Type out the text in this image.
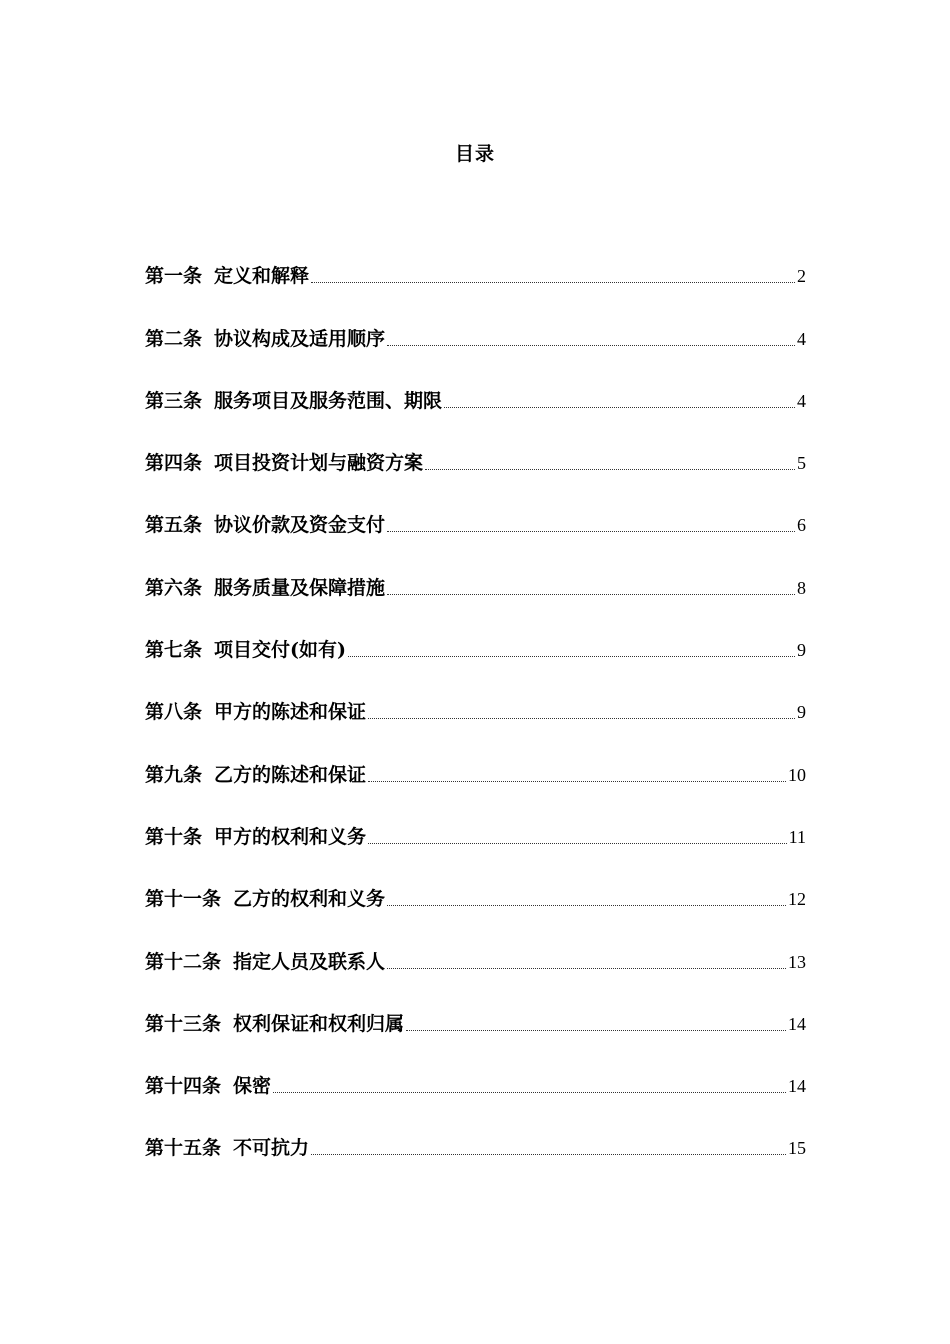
目录
第一条 定义和解释	2
第二条 协议构成及适用顺序	4
第三条 服务项目及服务范围、期限	4
第四条 项目投资计划与融资方案	5
第五条 协议价款及资金支付	6
第六条 服务质量及保障措施	8
第七条 项目交付(如有)	9
第八条 甲方的陈述和保证	9
第九条 乙方的陈述和保证	10
第十条 甲方的权利和义务	11
第十一条 乙方的权利和义务	12
第十二条 指定人员及联系人	13
第十三条 权利保证和权利归属	14
第十四条 保密	14
第十五条 不可抗力	15
